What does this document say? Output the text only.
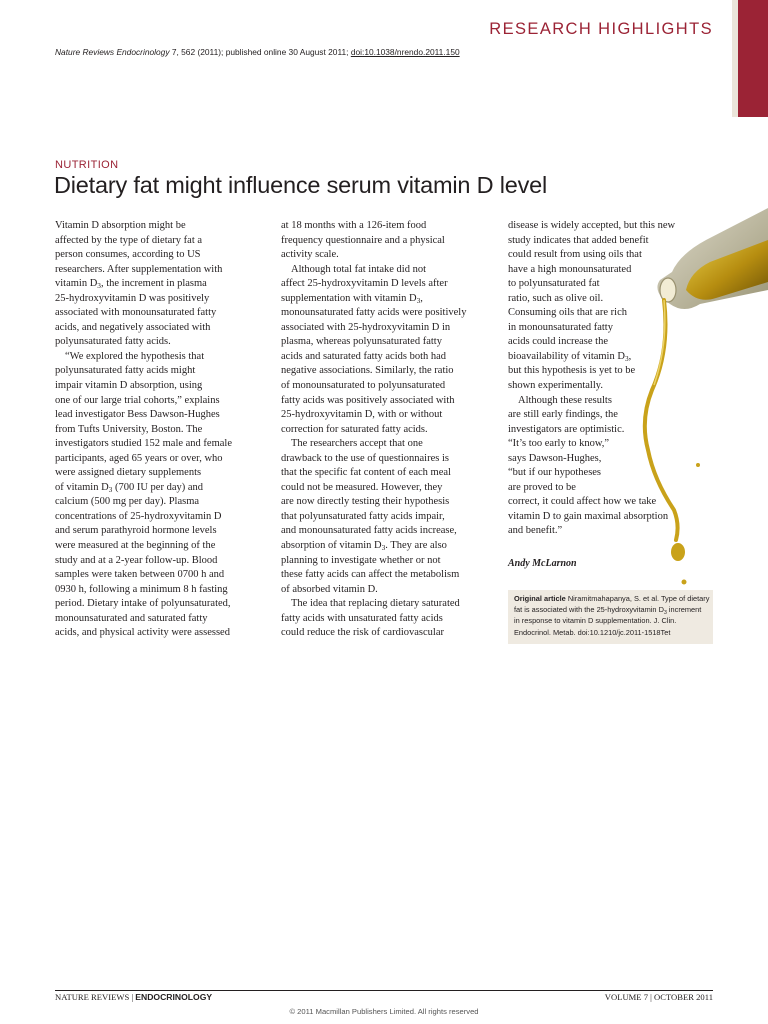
RESEARCH HIGHLIGHTS
Nature Reviews Endocrinology 7, 562 (2011); published online 30 August 2011; doi:10.1038/nrendo.2011.150
NUTRITION
Dietary fat might influence serum vitamin D level

Vitamin D absorption might be

affected by the type of dietary fat a

person consumes, according to US

researchers. After supplementation with

vitamin $D_3$, the increment in plasma

25-hydroxyvitamin D was positively

associated with monounsaturated fatty

acids, and negatively associated with

polyunsaturated fatty acids.

“We explored the hypothesis that

polyunsaturated fatty acids might

impair vitamin D absorption, using

one of our large trial cohorts,” explains

lead investigator Bess Dawson-Hughes

from Tufts University, Boston. The

investigators studied 152 male and female

participants, aged 65 years or over, who

were assigned dietary supplements

of vitamin $D_3$ (700 IU per day) and

calcium (500 mg per day). Plasma

concentrations of 25-hydroxyvitamin D

and serum parathyroid hormone levels

were measured at the beginning of the

study and at a 2-year follow-up. Blood

samples were taken between 0700 h and

0930 h, following a minimum 8 h fasting

period. Dietary intake of polyunsaturated,

monounsaturated and saturated fatty

acids, and physical activity were assessed

at 18 months with a 126-item food

frequency questionnaire and a physical

activity scale.

Although total fat intake did not

affect 25-hydroxyvitamin D levels after

supplementation with vitamin $D_3$,

monounsaturated fatty acids were positively

associated with 25-hydroxyvitamin D in

plasma, whereas polyunsaturated fatty

acids and saturated fatty acids both had

negative associations. Similarly, the ratio

of monounsaturated to polyunsaturated

fatty acids was positively associated with

25-hydroxyvitamin D, with or without

correction for saturated fatty acids.

The researchers accept that one

drawback to the use of questionnaires is

that the specific fat content of each meal

could not be measured. However, they

are now directly testing their hypothesis

that polyunsaturated fatty acids impair,

and monounsaturated fatty acids increase,

absorption of vitamin $D_3$. They are also

planning to investigate whether or not

these fatty acids can affect the metabolism

of absorbed vitamin D.

The idea that replacing dietary saturated

fatty acids with unsaturated fatty acids

could reduce the risk of cardiovascular

disease is widely accepted, but this new

study indicates that added benefit

could result from using oils that

have a high monounsaturated

to polyunsaturated fat

ratio, such as olive oil.

Consuming oils that are rich

in monounsaturated fatty

acids could increase the

bioavailability of vitamin $D_3$,

but this hypothesis is yet to be

shown experimentally.

Although these results

are still early findings, the

investigators are optimistic.

“It’s too early to know,”

says Dawson-Hughes,

“but if our hypotheses

are proved to be

correct, it could affect how we take

vitamin D to gain maximal absorption

and benefit.”

Andy McLarnon

Original article Niramitmahapanya, S. et al. Type of dietary

fat is associated with the 25-hydroxyvitamin $D_3$ increment

in response to vitamin D supplementation. J. Clin.

Endocrinol. Metab. doi:10.1210/jc.2011-1518Tet

NATURE REVIEWS | ENDOCRINOLOGY	VOLUME 7 | OCTOBER 2011
© 2011 Macmillan Publishers Limited. All rights reserved
